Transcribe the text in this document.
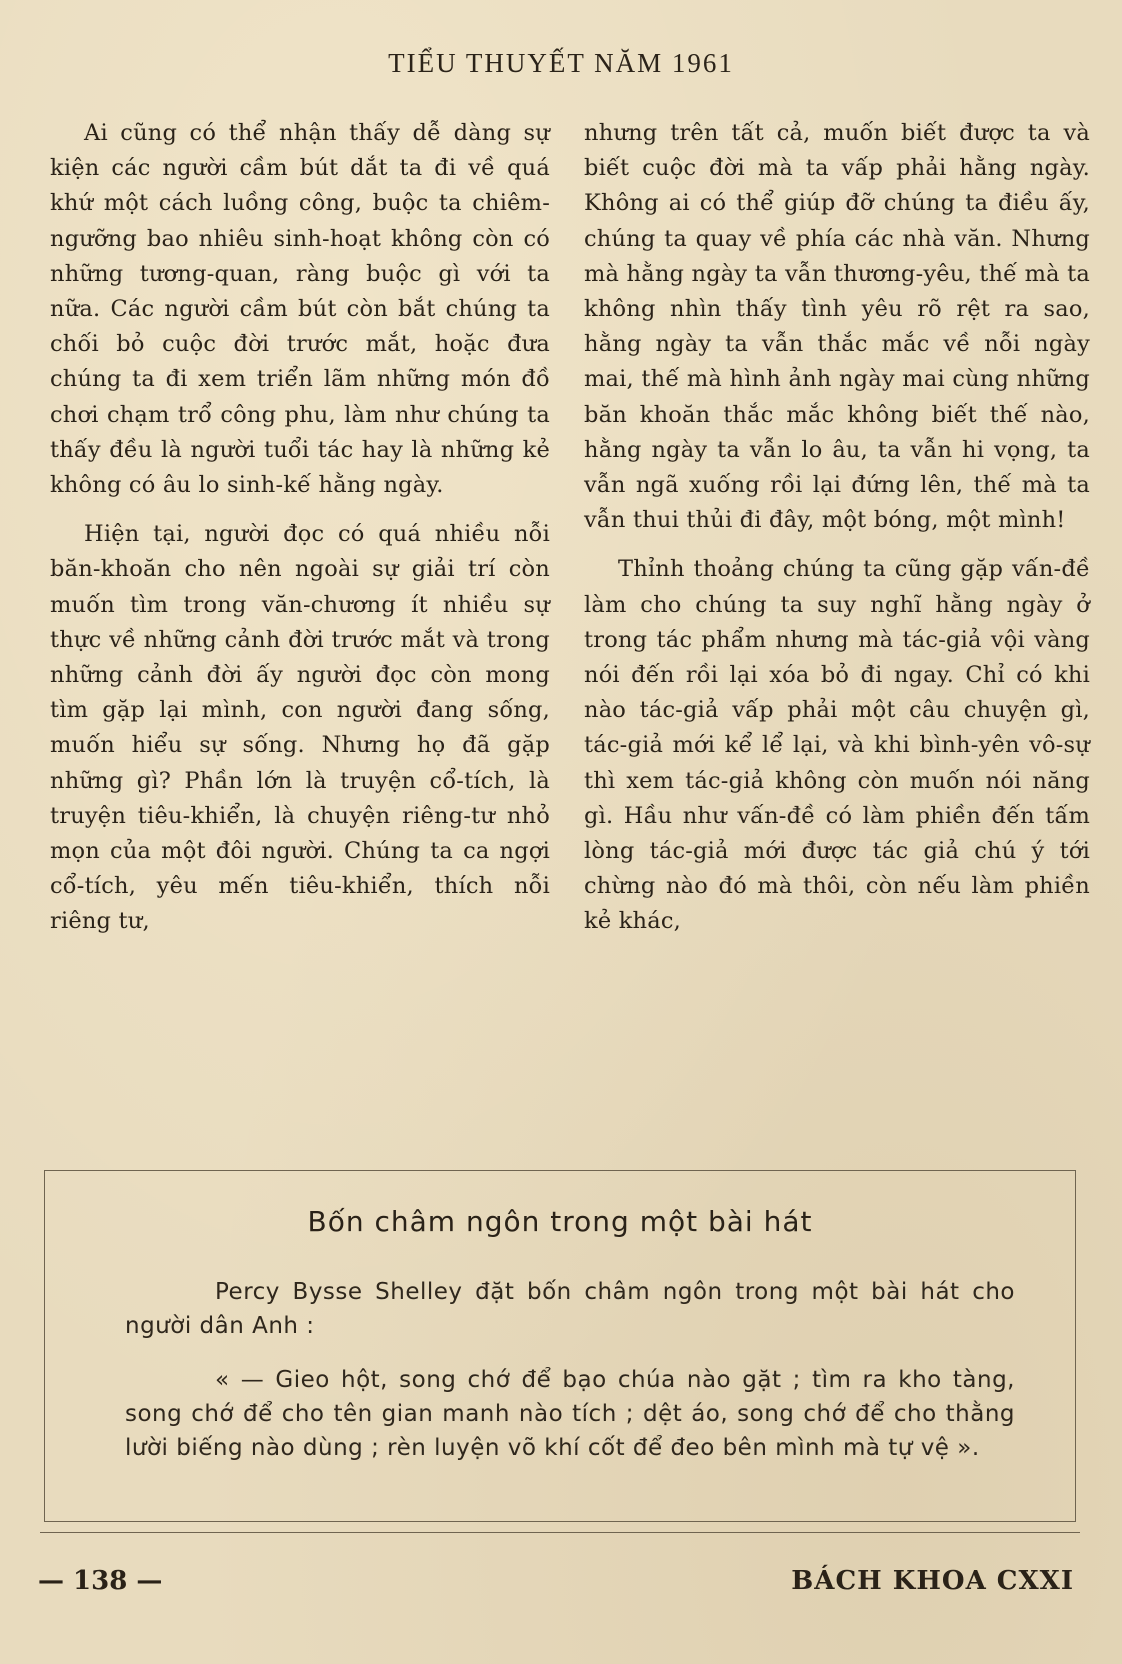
TIỂU THUYẾT NĂM 1961

Ai cũng có thể nhận thấy dễ dàng sự kiện các người cầm bút dắt ta đi về quá khứ một cách luồng công, buộc ta chiêm-ngưỡng bao nhiêu sinh-hoạt không còn có những tương-quan, ràng buộc gì với ta nữa. Các người cầm bút còn bắt chúng ta chối bỏ cuộc đời trước mắt, hoặc đưa chúng ta đi xem triển lãm những món đồ chơi chạm trổ công phu, làm như chúng ta thấy đều là người tuổi tác hay là những kẻ không có âu lo sinh-kế hằng ngày.

Hiện tại, người đọc có quá nhiều nỗi băn-khoăn cho nên ngoài sự giải trí còn muốn tìm trong văn-chương ít nhiều sự thực về những cảnh đời trước mắt và trong những cảnh đời ấy người đọc còn mong tìm gặp lại mình, con người đang sống, muốn hiểu sự sống. Nhưng họ đã gặp những gì? Phần lớn là truyện cổ-tích, là truyện tiêu-khiển, là chuyện riêng-tư nhỏ mọn của một đôi người. Chúng ta ca ngợi cổ-tích, yêu mến tiêu-khiển, thích nỗi riêng tư,

nhưng trên tất cả, muốn biết được ta và biết cuộc đời mà ta vấp phải hằng ngày. Không ai có thể giúp đỡ chúng ta điều ấy, chúng ta quay về phía các nhà văn. Nhưng mà hằng ngày ta vẫn thương-yêu, thế mà ta không nhìn thấy tình yêu rõ rệt ra sao, hằng ngày ta vẫn thắc mắc về nỗi ngày mai, thế mà hình ảnh ngày mai cùng những băn khoăn thắc mắc không biết thế nào, hằng ngày ta vẫn lo âu, ta vẫn hi vọng, ta vẫn ngã xuống rồi lại đứng lên, thế mà ta vẫn thui thủi đi đây, một bóng, một mình!

Thỉnh thoảng chúng ta cũng gặp vấn-đề làm cho chúng ta suy nghĩ hằng ngày ở trong tác phẩm nhưng mà tác-giả vội vàng nói đến rồi lại xóa bỏ đi ngay. Chỉ có khi nào tác-giả vấp phải một câu chuyện gì, tác-giả mới kể lể lại, và khi bình-yên vô-sự thì xem tác-giả không còn muốn nói năng gì. Hầu như vấn-đề có làm phiền đến tấm lòng tác-giả mới được tác giả chú ý tới chừng nào đó mà thôi, còn nếu làm phiền kẻ khác,

Bốn châm ngôn trong một bài hát
Percy Bysse Shelley đặt bốn châm ngôn trong một bài hát cho người dân Anh :
« — Gieo hột, song chớ để bạo chúa nào gặt ; tìm ra kho tàng, song chớ để cho tên gian manh nào tích ; dệt áo, song chớ để cho thằng lười biếng nào dùng ; rèn luyện võ khí cốt để đeo bên mình mà tự vệ ».
— 138 —	BÁCH KHOA CXXI
